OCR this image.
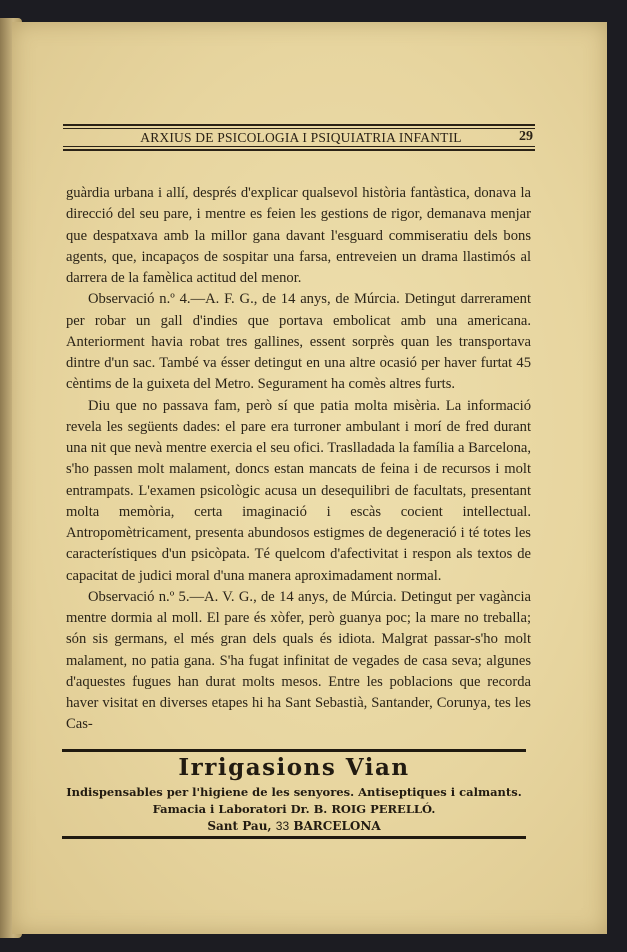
ARXIUS DE PSICOLOGIA I PSIQUIATRIA INFANTIL	29

guàrdia urbana i allí, després d'explicar qualsevol història fantàstica, donava la direcció del seu pare, i mentre es feien les gestions de rigor, demanava menjar que despatxava amb la millor gana davant l'esguard commiseratiu dels bons agents, que, incapaços de sospitar una farsa, entreveien un drama llastimós al darrera de la famèlica actitud del menor.

Observació n.º 4.—A. F. G., de 14 anys, de Múrcia. Detingut darrerament per robar un gall d'indies que portava embolicat amb una americana. Anteriorment havia robat tres gallines, essent sorprès quan les transportava dintre d'un sac. També va ésser detingut en una altre ocasió per haver furtat 45 cèntims de la guixeta del Metro. Segurament ha comès altres furts.

Diu que no passava fam, però sí que patia molta misèria. La informació revela les següents dades: el pare era turroner ambulant i morí de fred durant una nit que nevà mentre exercia el seu ofici. Traslladada la família a Barcelona, s'ho passen molt malament, doncs estan mancats de feina i de recursos i molt entrampats. L'examen psicològic acusa un desequilibri de facultats, presentant molta memòria, certa imaginació i escàs cocient intellectual. Antropomètricament, presenta abundosos estigmes de degeneració i té totes les característiques d'un psicòpata. Té quelcom d'afectivitat i respon als textos de capacitat de judici moral d'una manera aproximadament normal.

Observació n.º 5.—A. V. G., de 14 anys, de Múrcia. Detingut per vagància mentre dormia al moll. El pare és xòfer, però guanya poc; la mare no treballa; són sis germans, el més gran dels quals és idiota. Malgrat passar-s'ho molt malament, no patia gana. S'ha fugat infinitat de vegades de casa seva; algunes d'aquestes fugues han durat molts mesos. Entre les poblacions que recorda haver visitat en diverses etapes hi ha Sant Sebastià, Santander, Corunya, tes les Cas-

Irrigasions Vian
Indispensables per l'higiene de les senyores. Antiseptiques i calmants.
Famacia i Laboratori Dr. B. ROIG PERELLÓ.
Sant Pau, 33 BARCELONA
